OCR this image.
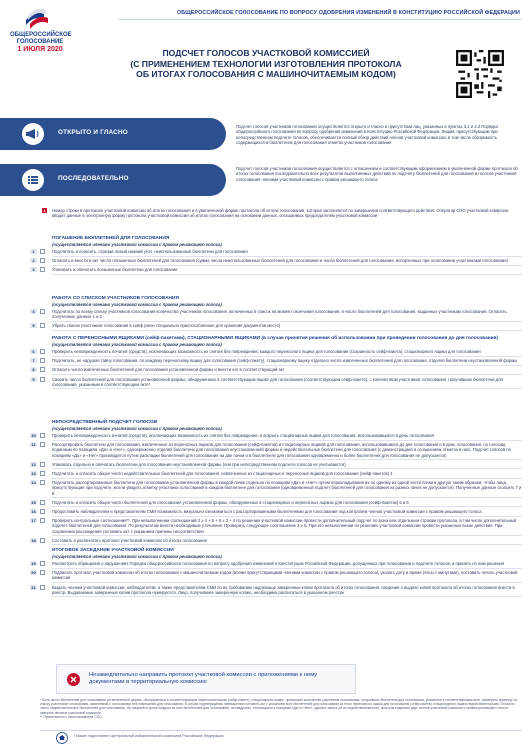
ОБЩЕРОССИЙСКОЕ
ГОЛОСОВАНИЕ
1 ИЮЛЯ 2020
ОБЩЕРОССИЙСКОЕ ГОЛОСОВАНИЕ ПО ВОПРОСУ ОДОБРЕНИЯ ИЗМЕНЕНИЙ В КОНСТИТУЦИЮ РОССИЙСКОЙ ФЕДЕРАЦИИ
ПОДСЧЕТ ГОЛОСОВ УЧАСТКОВОЙ КОМИССИЕЙ
(С ПРИМЕНЕНИЕМ ТЕХНОЛОГИИ ИЗГОТОВЛЕНИЯ ПРОТОКОЛА
ОБ ИТОГАХ ГОЛОСОВАНИЯ С МАШИНОЧИТАЕМЫМ КОДОМ)
ОТКРЫТО И ГЛАСНО
Подсчет голосов участников голосования осуществляется открыто и гласно в присутствии лиц, указанных в пунктах 3.1 и 3.3 Порядка общероссийского голосования по вопросу одобрения изменений в Конституцию Российской Федерации. Лицам, присутствующим при непосредственном подсчете голосов, обеспечивается полный обзор действий членов участковой комиссии, в том числе обозримость содержащихся в бюллетенях для голосования отметок участников голосования
ПОСЛЕДОВАТЕЛЬНО
Подсчет голосов участников голосования осуществляется с оглашением и соответствующим оформлением в увеличенной форме протокола об итогах голосования последовательно всех результатов выполняемых действий по подсчету бюллетеней для голосования и голосов участников голосования членами участковой комиссии с правом решающего голоса
1	Номер строки в протоколе участковой комиссии об итогах голосования и в увеличенной форме протокола об итогах голосования, которая заполняется по завершении соответствующего действия. Оператор СПО участковой комиссии вводит данные в электронную форму протокола участковой комиссии об итогах голосования на основании данных, оглашаемых председателем участковой комиссии
ПОГАШЕНИЕ БЮЛЛЕТЕНЕЙ ДЛЯ ГОЛОСОВАНИЯ
(осуществляется членами участковой комиссии с правом решающего голоса)
1	Подсчитать и погасить, отрезав левый нижний угол, неиспользованные бюллетени для голосования
2	Огласить и внести в акт число погашенных бюллетеней для голосования (сумма числа неиспользованных бюллетеней для голосования и числа бюллетеней для голосования, испорченных при голосовании участниками голосования)
3	Упаковать и опечатать погашенные бюллетени для голосования
РАБОТА СО СПИСКОМ УЧАСТНИКОВ ГОЛОСОВАНИЯ
(осуществляется членами участковой комиссии с правом решающего голоса)
4	Подсчитать по всему списку участников голосования количество участников голосования, включенных в список на момент окончания голосования, и число бюллетеней для голосования, выданных участникам голосования. Огласить полученные данные 1 и 2
5	Убрать список участников голосования в сейф (иное специально приспособленное для хранения документов место)
РАБОТА С ПЕРЕНОСНЫМИ ЯЩИКАМИ (сейф-пакетами), СТАЦИОНАРНЫМИ ЯЩИКАМИ (в случае принятия решения об использовании при проведении голосования до дня голосования)
(осуществляется членами участковой комиссии с правом решающего голоса)
6	Проверить неповрежденность печатей (средств), исключающих возможность их снятия без повреждения, каждого переносного ящика для голосования (сохранность сейф-пакета), стационарного ящика для голосования
7	Подсчитать, не нарушая тайну голосования, по каждому переносному ящику для голосования (сейф-пакету), стационарному ящику отдельно число извлеченных бюллетеней для голосования, отделяя бюллетени неустановленной формы
8	Огласить число извлеченных бюллетеней для голосования установленной формы и внести его в соответствующий акт
9	Сверить число бюллетеней для голосования установленной формы, обнаруженных в соответствующем ящике для голосования (соответствующем сейф-пакете), с количеством участников голосования, получивших бюллетени для голосования, указанным в соответствующем акте*
НЕПОСРЕДСТВЕННЫЙ ПОДСЧЕТ ГОЛОСОВ
(осуществляется членами участковой комиссии с правом решающего голоса)
10	Проверить неповрежденность печатей (средств), исключающих возможность их снятия без повреждения, и вскрыть стационарные ящики для голосования, использовавшиеся в день голосования
11	Рассортировать бюллетени для голосования, извлеченные из переносных ящиков для голосования (сейф-пакетов) и стационарных ящиков для голосования, использовавшихся до дня голосования и в день голосования, по голосам, поданным по позициям «Да» и «Нет», одновременно отделяя бюллетени для голосования неустановленной формы и недействительные бюллетени для голосования (с демонстрацией и оглашением отметок в них). Подсчет голосов по позициям «Да» и «Нет» производится путем раскладки бюллетеней для голосования на две пачки и в бюллетенях для голосования одновременно и более бюллетеней для голосования не допускается)
12	Упаковать отдельно и опечатать бюллетени для голосования неустановленной формы (они при непосредственном подсчете голосов не учитываются)
13	Подсчитать и огласить общее число недействительных бюллетеней для голосования, извлеченных из стационарных и переносных ящиков для голосования (сейф-пакетов) 4
14	Подсчитать рассортированные бюллетени для голосования установленной формы в каждой пачке отдельно по позициям «Да» и «Нет» путем перекладывания их по одному из одной части пачки в другую таким образом, чтобы лица, присутствующие при подсчете, могли увидеть отметку участника голосования в каждом бюллетене для голосования (одновременный подсчет бюллетеней для голосования из разных пачек не допускается). Полученные данные огласить 7 и 8
15	Подсчитать и огласить общее число бюллетеней для голосования установленной формы, обнаруженных в стационарных и переносных ящиках для голосования (сейф-пакетах) 5 и 6
16	Предоставить наблюдателям и представителям СМИ возможность визуально ознакомиться с рассортированными бюллетенями для голосования под контролем членов участковой комиссии с правом решающего голоса
17	Проверить контрольные соотношения**. При невыполнении соотношений 3 ≥ 4 + 5 + 6 ≥ 3 + 4 по решению участковой комиссии провести дополнительный подсчет по всем или отдельным строкам протокола, в том числе дополнительный подсчет бюллетеней для голосования. По результатам внести необходимые уточнения. Проверить следующее соотношение 3 ≥ 5. При его невыполнении по решению участковой комиссии провести указанные выше действия. При сохранении расхождения составить акт с указанием причины несоответствия
18	Составить и распечатать протокол участковой комиссии об итогах голосования
ИТОГОВОЕ ЗАСЕДАНИЕ УЧАСТКОВОЙ КОМИССИИ
(осуществляется членами участковой комиссии с правом решающего голоса)
19	Рассмотреть обращения о нарушениях Порядка общероссийского голосования по вопросу одобрения изменений в Конституцию Российской Федерации, допущенных при голосовании и подсчете голосов, и принять по ним решения
20	Подписать протокол участковой комиссии об итогах голосования с машиночитаемым кодом (всеми присутствующими членами комиссии с правом решающего голоса), указать дату и время (часы с минутами), поставить печать участковой комиссии
21	Выдать членам участковой комиссии, наблюдателям, а также представителям СМИ по их требованию надлежаще заверенные копии протокола об итогах голосования, сведения о выдаче копий протокола об итогах голосования внести в реестр. Выдаваемые заверенные копии протокола нумеруются. Лицо, получившее заверенную копию, необходимо расписаться в указанном реестре
Незамедлительно направить протокол участковой комиссии с приложениями к нему документами в территориальную комиссию
* Если число бюллетеней для голосования установленной формы, обнаруженных в соответствующем переносном ящике (сейф-пакете), стационарном ящике, превышает количество участников голосования, получивших бюллетени для голосования, указанное в соответствующем акте, проверить проверку по списку участников голосования, заявлениям о голосовании вне помещения для голосования. В случае подтверждения превышения составить акт с указанием всех бюллетеней для голосования из этого переносного ящика для голосования (сейф-пакета), стационарного ящика недействительными. Огласить число недействительных бюллетеней для голосования. На лицевой стороне каждого из этих бюллетеней для голосования, на квадратах, относящихся к позициям «Да» и «Нет», сделать запись об их недействительности, простым подписью двух членов участковой комиссии с правом решающего голоса, заверить печатью участковой комиссии.
** Применяются с использованием СПО.
Плакат подготовлен Центральной избирательной комиссией Российской Федерации
